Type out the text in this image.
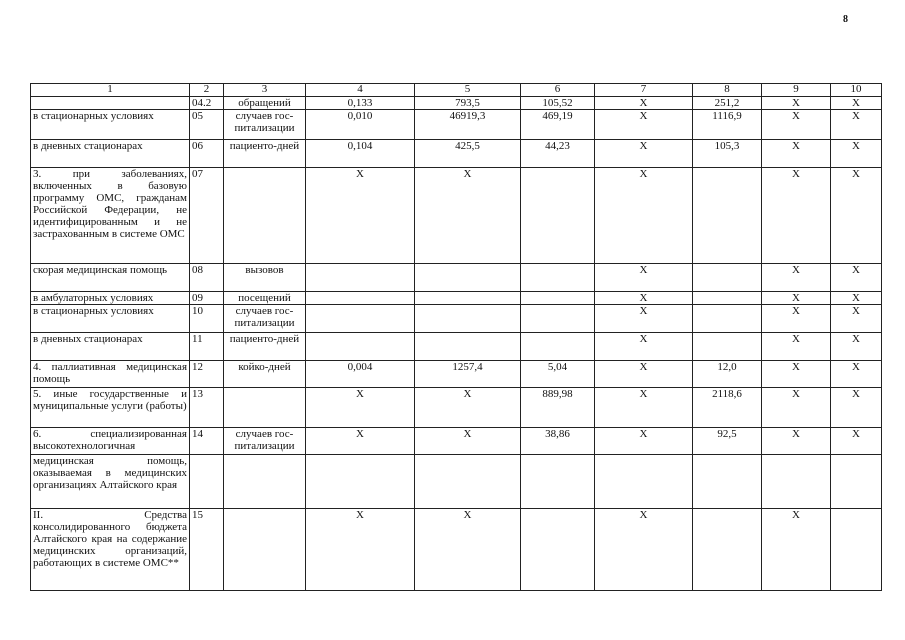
8
1	2	3	4	5	6	7	8	9	10
	04.2	обращений	0,133	793,5	105,52	X	251,2	X	X
в стационарных условиях	05	случаев гос-питализации	0,010	46919,3	469,19	X	1116,9	X	X
в дневных стационарах	06	пациенто-дней	0,104	425,5	44,23	X	105,3	X	X
3. при заболеваниях, включенных в базовую программу ОМС, гражданам Российской Федерации, не идентифицированным и не застрахованным в системе ОМС	07		X	X		X		X	X
скорая медицинская помощь	08	вызовов				X		X	X
в амбулаторных условиях	09	посещений				X		X	X
в стационарных условиях	10	случаев гос-питализации				X		X	X
в дневных стационарах	11	пациенто-дней				X		X	X
4. паллиативная медицинская помощь	12	койко-дней	0,004	1257,4	5,04	X	12,0	X	X
5. иные государственные и муниципальные услуги (работы)	13		X	X	889,98	X	2118,6	X	X
6. специализированная высокотехнологичная	14	случаев гос-питализации	X	X	38,86	X	92,5	X	X
медицинская помощь, оказываемая в медицинских организациях Алтайского края									
II. Средства консолидированного бюджета Алтайского края на содержание медицинских организаций, работающих в системе ОМС**	15		X	X		X		X	
